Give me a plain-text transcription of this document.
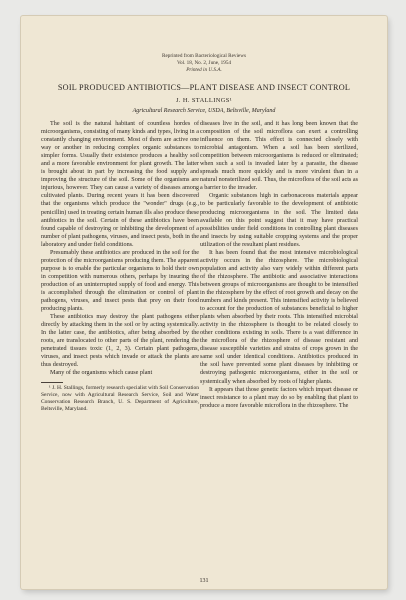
Reprinted from Bacteriological Reviews
Vol. 18, No. 2, June, 1954
Printed in U.S.A.
SOIL PRODUCED ANTIBIOTICS—PLANT DISEASE AND INSECT CONTROL
J. H. STALLINGS¹
Agricultural Research Service, USDA, Beltsville, Maryland

The soil is the natural habitant of countless hordes of microorganisms, consisting of many kinds and types, living in a constantly changing environment. Most of them are active one way or another in reducing complex organic substances to simpler forms. Usually their existence produces a healthy soil and a more favorable environment for plant growth. The latter is brought about in part by increasing the food supply and improving the structure of the soil. Some of the organisms are injurious, however. They can cause a variety of diseases among cultivated plants. During recent years it has been discovered that the organisms which produce the "wonder" drugs (e.g., penicillin) used in treating certain human ills also produce these antibiotics in the soil. Certain of these antibiotics have been found capable of destroying or inhibiting the development of a number of plant pathogens, viruses, and insect pests, both in the laboratory and under field conditions.

Presumably these antibiotics are produced in the soil for the protection of the microorganisms producing them. The apparent purpose is to enable the particular organisms to hold their own in competition with numerous others, perhaps by insuring the production of an uninterrupted supply of food and energy. This is accomplished through the elimination or control of plant pathogens, viruses, and insect pests that prey on their food producing plants.

These antibiotics may destroy the plant pathogens either directly by attacking them in the soil or by acting systemically. In the latter case, the antibiotics, after being absorbed by the roots, are translocated to other parts of the plant, rendering the penetrated tissues toxic (1, 2, 3). Certain plant pathogens, viruses, and insect pests which invade or attack the plants are thus destroyed.

Many of the organisms which cause plant

¹ J. H. Stallings, formerly research specialist with Soil Conservation Service, now with Agricultural Research Service, Soil and Water Conservation Research Branch, U. S. Department of Agriculture, Beltsville, Maryland.

diseases live in the soil, and it has long been known that the composition of the soil microflora can exert a controlling influence on them. This effect is connected closely with microbial antagonism. When a soil has been sterilized, competition between microorganisms is reduced or eliminated; when such a soil is invaded later by a parasite, the disease spreads much more quickly and is more virulent than in a natural nonsterilized soil. Thus, the microflora of the soil acts as a barrier to the invader.

Organic substances high in carbonaceous materials appear to be particularly favorable to the development of antibiotic producing microorganisms in the soil. The limited data available on this point suggest that it may have practical possibilities under field conditions in controlling plant diseases and insects by using suitable cropping systems and the proper utilization of the resultant plant residues.

It has been found that the most intensive microbiological activity occurs in the rhizosphere. The microbiological population and activity also vary widely within different parts of the rhizosphere. The antibiotic and associative interactions between groups of microorganisms are thought to be intensified in the rhizosphere by the effect of root growth and decay on the numbers and kinds present. This intensified activity is believed to account for the production of substances beneficial to higher plants when absorbed by their roots. This intensified microbial activity in the rhizosphere is thought to be related closely to other conditions existing in soils. There is a vast difference in the microflora of the rhizosphere of disease resistant and disease susceptible varieties and strains of crops grown in the same soil under identical conditions. Antibiotics produced in the soil have prevented some plant diseases by inhibiting or destroying pathogenic microorganisms, either in the soil or systemically when absorbed by roots of higher plants.

It appears that those genetic factors which impart disease or insect resistance to a plant may do so by enabling that plant to produce a more favorable microflora in the rhizosphere. The

131
